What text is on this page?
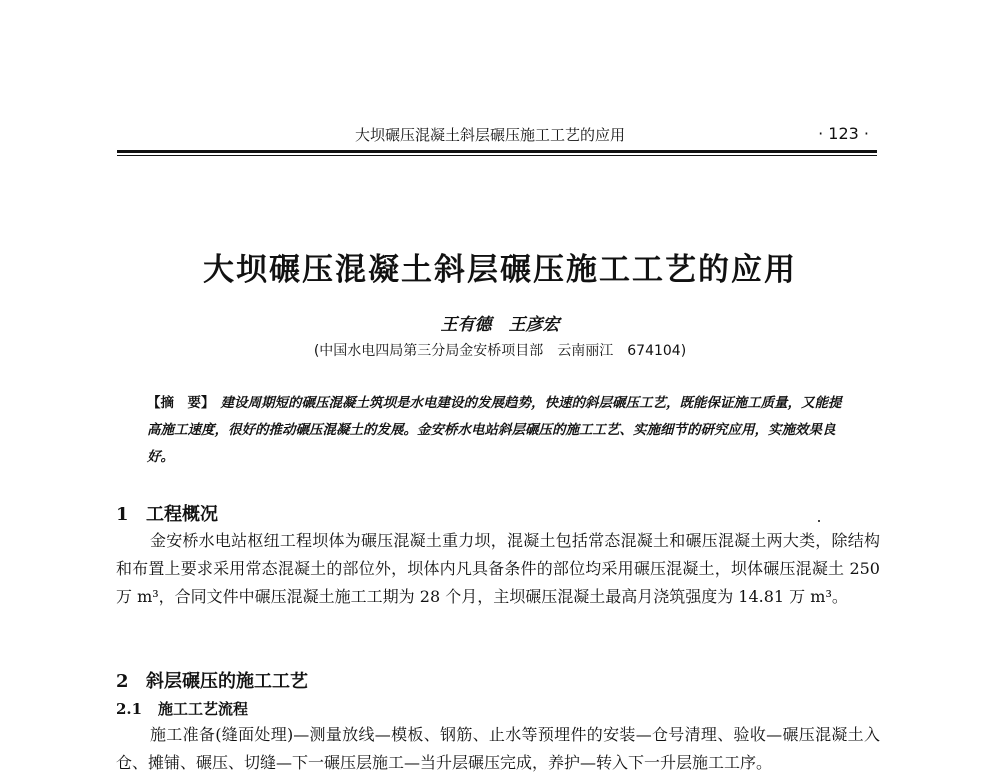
大坝碾压混凝土斜层碾压施工工艺的应用	· 123 ·
大坝碾压混凝土斜层碾压施工工艺的应用
王有德　王彦宏
(中国水电四局第三分局金安桥项目部　云南丽江　674104)
【摘　要】 建设周期短的碾压混凝土筑坝是水电建设的发展趋势，快速的斜层碾压工艺，既能保证施工质量，又能提高施工速度，很好的推动碾压混凝土的发展。金安桥水电站斜层碾压的施工工艺、实施细节的研究应用，实施效果良好。
1 工程概况
金安桥水电站枢纽工程坝体为碾压混凝土重力坝，混凝土包括常态混凝土和碾压混凝土两大类，除结构和布置上要求采用常态混凝土的部位外，坝体内凡具备条件的部位均采用碾压混凝土，坝体碾压混凝土 250 万 m³，合同文件中碾压混凝土施工工期为 28 个月，主坝碾压混凝土最高月浇筑强度为 14.81 万 m³。
2 斜层碾压的施工工艺
2.1 施工工艺流程
施工准备(缝面处理)—测量放线—模板、钢筋、止水等预埋件的安装—仓号清理、验收—碾压混凝土入仓、摊铺、碾压、切缝—下一碾压层施工—当升层碾压完成，养护—转入下一升层施工工序。
